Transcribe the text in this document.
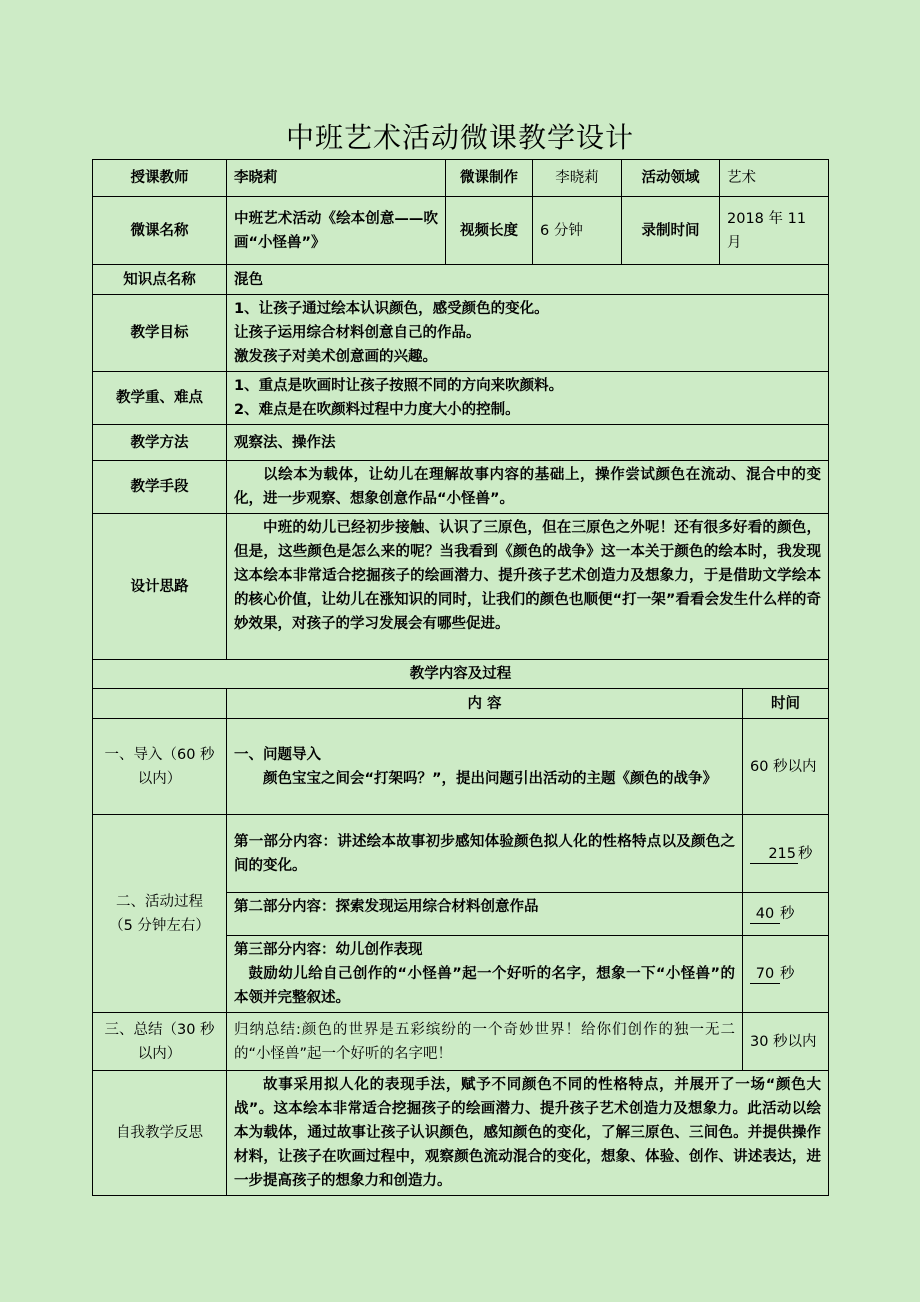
中班艺术活动微课教学设计
授课教师	李晓莉	微课制作	李晓莉	活动领域	艺术	
微课名称	中班艺术活动《绘本创意——吹画“小怪兽”》	视频长度	6 分钟	录制时间	2018 年 11 月	
知识点名称	混色					
教学目标	1、让孩子通过绘本认识颜色，感受颜色的变化。
让孩子运用综合材料创意自己的作品。
激发孩子对美术创意画的兴趣。					

教学重、难点	1、重点是吹画时让孩子按照不同的方向来吹颜料。
2、难点是在吹颜料过程中力度大小的控制。					

教学方法	观察法、操作法					
教学手段	以绘本为载体，让幼儿在理解故事内容的基础上，操作尝试颜色在流动、混合中的变化，进一步观察、想象创意作品“小怪兽”。					
设计思路	中班的幼儿已经初步接触、认识了三原色，但在三原色之外呢！还有很多好看的颜色，但是，这些颜色是怎么来的呢？当我看到《颜色的战争》这一本关于颜色的绘本时，我发现这本绘本非常适合挖掘孩子的绘画潜力、提升孩子艺术创造力及想象力，于是借助文学绘本的核心价值，让幼儿在涨知识的同时，让我们的颜色也顺便“打一架”看看会发生什么样的奇妙效果，对孩子的学习发展会有哪些促进。					
教学内容及过程						
	内 容					时间
一、导入（60 秒以内）	一、问题导入
颜色宝宝之间会“打架吗？”，提出问题引出活动的主题《颜色的战争》					60 秒以内

二、活动过程
（5 分钟左右）	第一部分内容：讲述绘本故事初步感知体验颜色拟人化的性格特点以及颜色之间的变化。					215 秒
	第二部分内容：探索发现运用综合材料创意作品					40 秒

	第三部分内容：幼儿创作表现
鼓励幼儿给自己创作的“小怪兽”起一个好听的名字，想象一下“小怪兽”的本领并完整叙述。					70 秒
三、总结（30 秒以内）	归纳总结:颜色的世界是五彩缤纷的一个奇妙世界！给你们创作的独一无二的“小怪兽”起一个好听的名字吧！					30 秒以内
自我教学反思	故事采用拟人化的表现手法，赋予不同颜色不同的性格特点，并展开了一场“颜色大战”。这本绘本非常适合挖掘孩子的绘画潜力、提升孩子艺术创造力及想象力。此活动以绘本为载体，通过故事让孩子认识颜色，感知颜色的变化，了解三原色、三间色。并提供操作材料，让孩子在吹画过程中，观察颜色流动混合的变化，想象、体验、创作、讲述表达，进一步提高孩子的想象力和创造力。					
